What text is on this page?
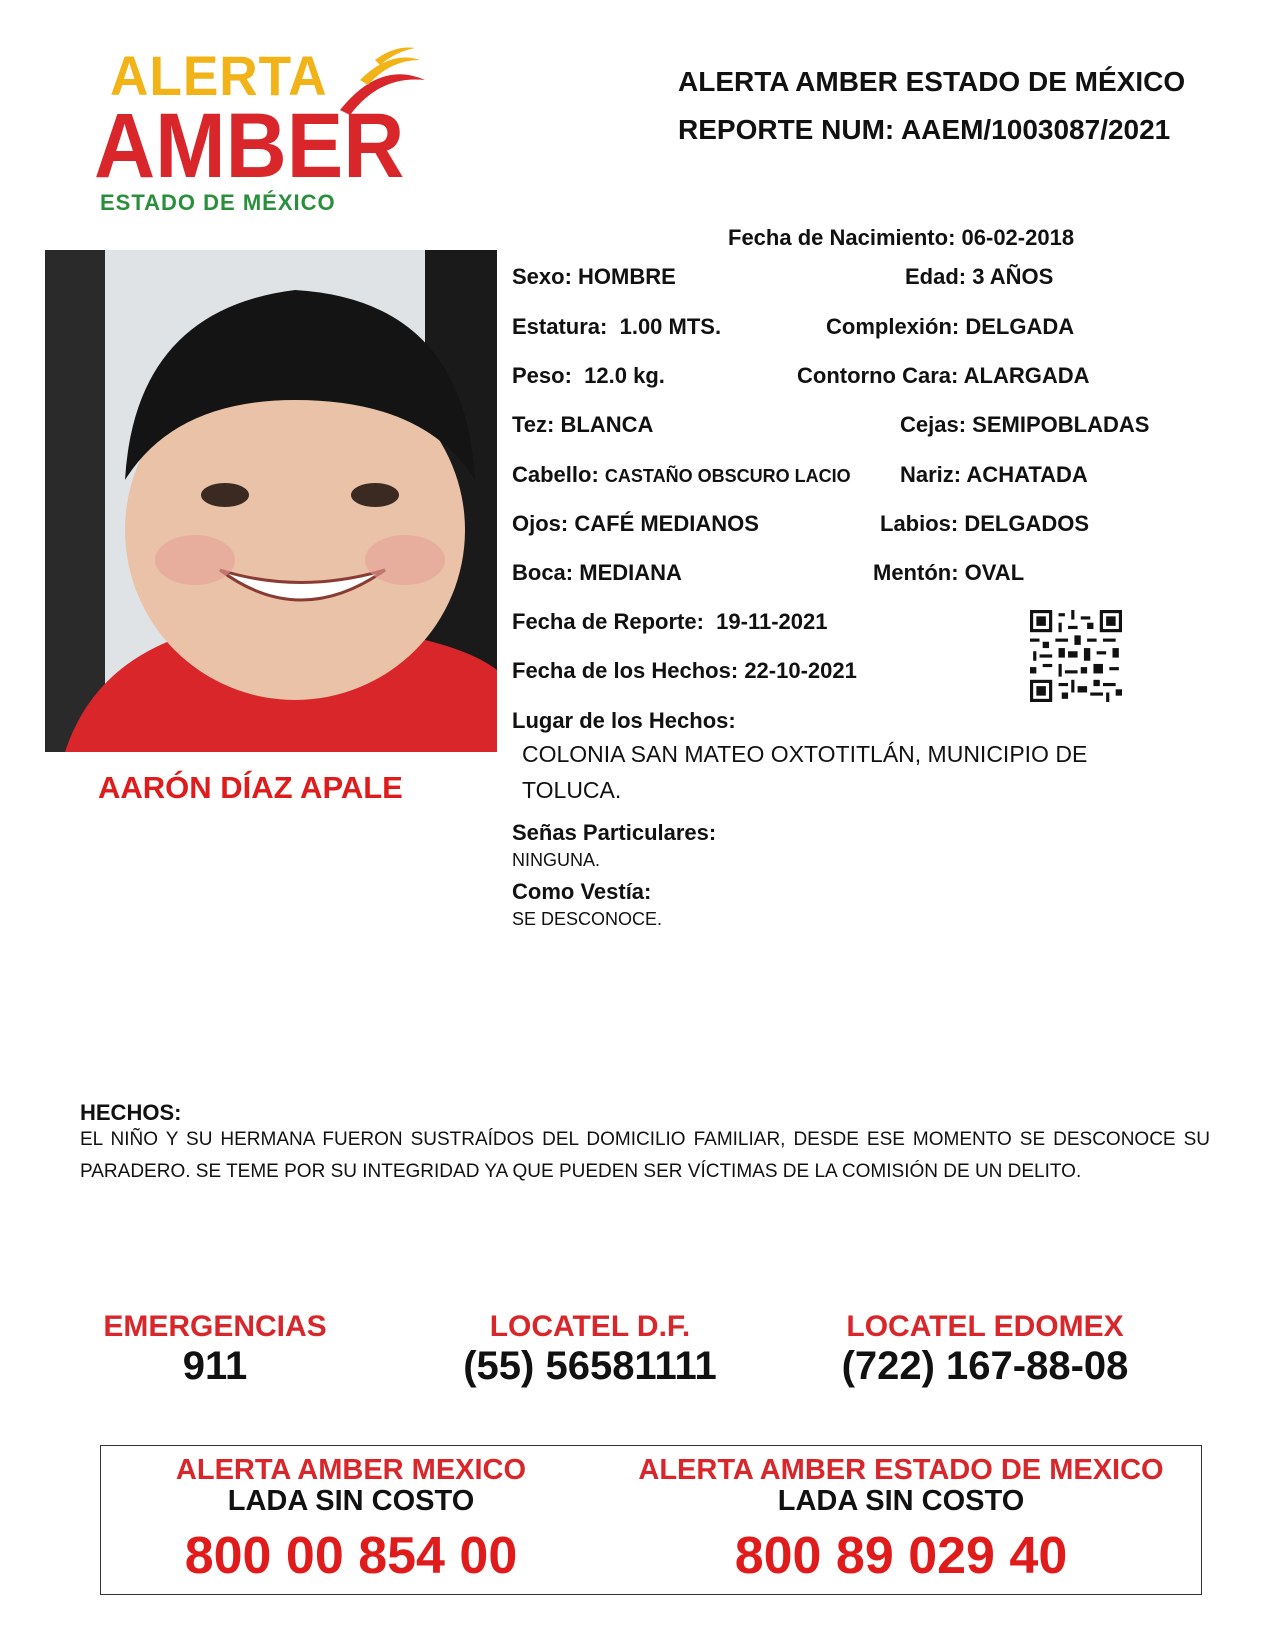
ALERTA
AMBER
ESTADO DE MÉXICO
ALERTA AMBER ESTADO DE MÉXICO
REPORTE NUM: AAEM/1003087/2021
AARÓN DÍAZ APALE
Fecha de Nacimiento: 06-02-2018
Sexo: HOMBRE	Edad: 3 AÑOS
Estatura: 1.00 MTS.	Complexión: DELGADA
Peso: 12.0 kg.	Contorno Cara: ALARGADA
Tez: BLANCA	Cejas: SEMIPOBLADAS
Cabello: CASTAÑO OBSCURO LACIO Nariz: ACHATADA
Ojos: CAFÉ MEDIANOS	Labios: DELGADOS
Boca: MEDIANA	Mentón: OVAL
Fecha de Reporte: 19-11-2021
Fecha de los Hechos: 22-10-2021
Lugar de los Hechos:
COLONIA SAN MATEO OXTOTITLÁN, MUNICIPIO DE
TOLUCA.
Señas Particulares:
NINGUNA.
Como Vestía:
SE DESCONOCE.
HECHOS:
EL NIÑO Y SU HERMANA FUERON SUSTRAÍDOS DEL DOMICILIO FAMILIAR, DESDE ESE MOMENTO SE DESCONOCE SU PARADERO. SE TEME POR SU INTEGRIDAD YA QUE PUEDEN SER VÍCTIMAS DE LA COMISIÓN DE UN DELITO.
EMERGENCIAS
911
LOCATEL D.F.
(55) 56581111
LOCATEL EDOMEX
(722) 167-88-08
ALERTA AMBER MEXICO
LADA SIN COSTO
800 00 854 00
ALERTA AMBER ESTADO DE MEXICO
LADA SIN COSTO
800 89 029 40
